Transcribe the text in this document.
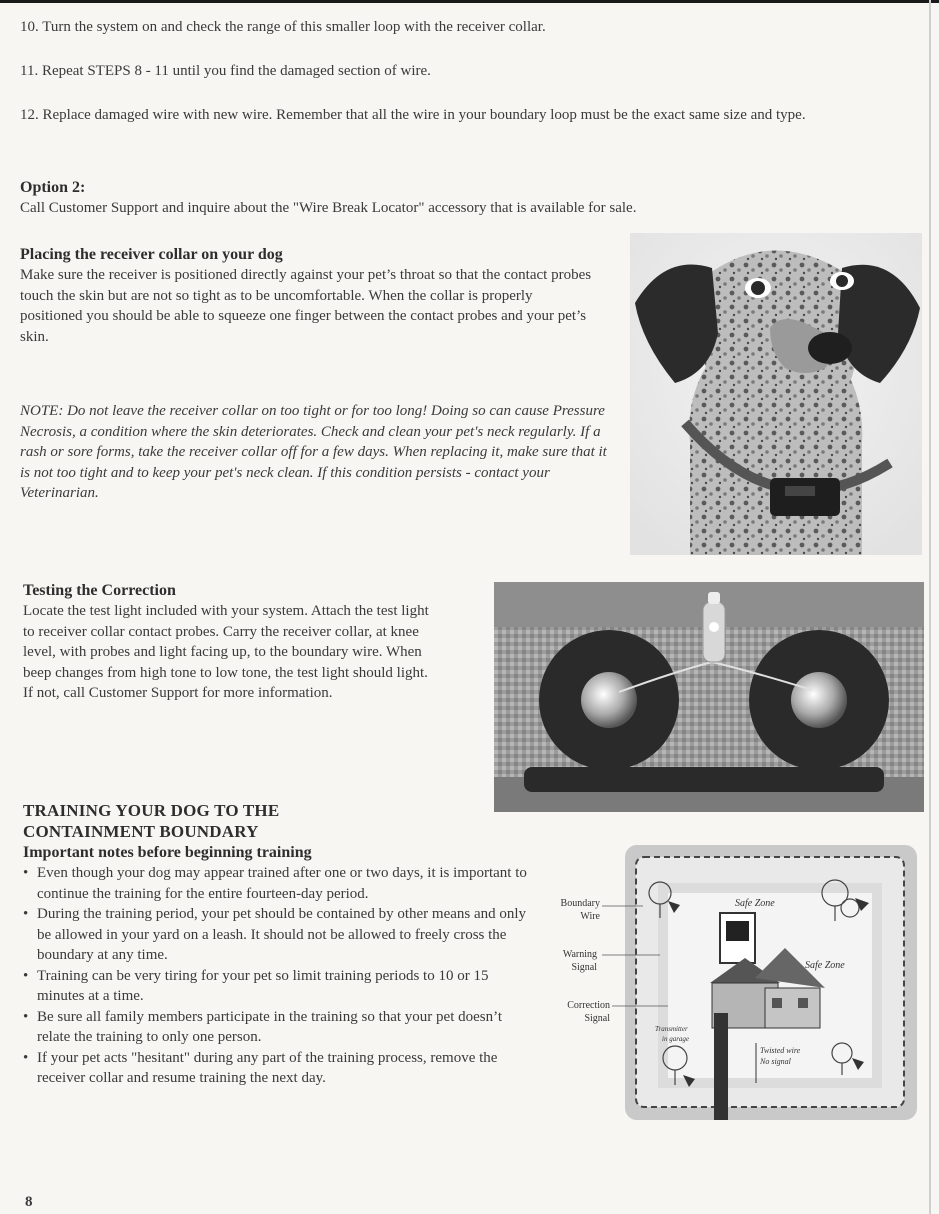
10. Turn the system on and check the range of this smaller loop with the receiver collar.
11. Repeat STEPS 8 - 11 until you find the damaged section of wire.
12. Replace damaged wire with new wire. Remember that all the wire in your boundary loop must be the exact same size and type.
Option 2:
Call Customer Support and inquire about the "Wire Break Locator" accessory that is available for sale.
Placing the receiver collar on your dog
Make sure the receiver is positioned directly against your pet’s throat so that the contact probes touch the skin but are not so tight as to be uncomfortable. When the collar is properly positioned you should be able to squeeze one finger between the contact probes and your pet’s skin.
NOTE: Do not leave the receiver collar on too tight or for too long! Doing so can cause Pressure Necrosis, a condition where the skin deteriorates. Check and clean your pet's neck regularly. If a rash or sore forms, take the receiver collar off for a few days. When replacing it, make sure that it is not too tight and to keep your pet's neck clean. If this condition persists - contact your Veterinarian.
Testing the Correction
Locate the test light included with your system. Attach the test light to receiver collar contact probes. Carry the receiver collar, at knee level, with probes and light facing up, to the boundary wire. When beep changes from high tone to low tone, the test light should light. If not, call Customer Support for more information.
TRAINING YOUR DOG TO THE
CONTAINMENT BOUNDARY
Important notes before beginning training
• Even though your dog may appear trained after one or two days, it is important to continue the training for the entire fourteen-day period.
• During the training period, your pet should be contained by other means and only be allowed in your yard on a leash. It should not be allowed to freely cross the boundary at any time.
• Training can be very tiring for your pet so limit training periods to 10 or 15 minutes at a time.
• Be sure all family members participate in the training so that your pet doesn’t relate the training to only one person.
• If your pet acts "hesitant" during any part of the training process, remove the receiver collar and resume training the next day.
Boundary
Wire
Warning
Signal
Correction
Signal
Safe Zone
Safe Zone
Transmitter
in garage
Twisted wire
No signal
8
